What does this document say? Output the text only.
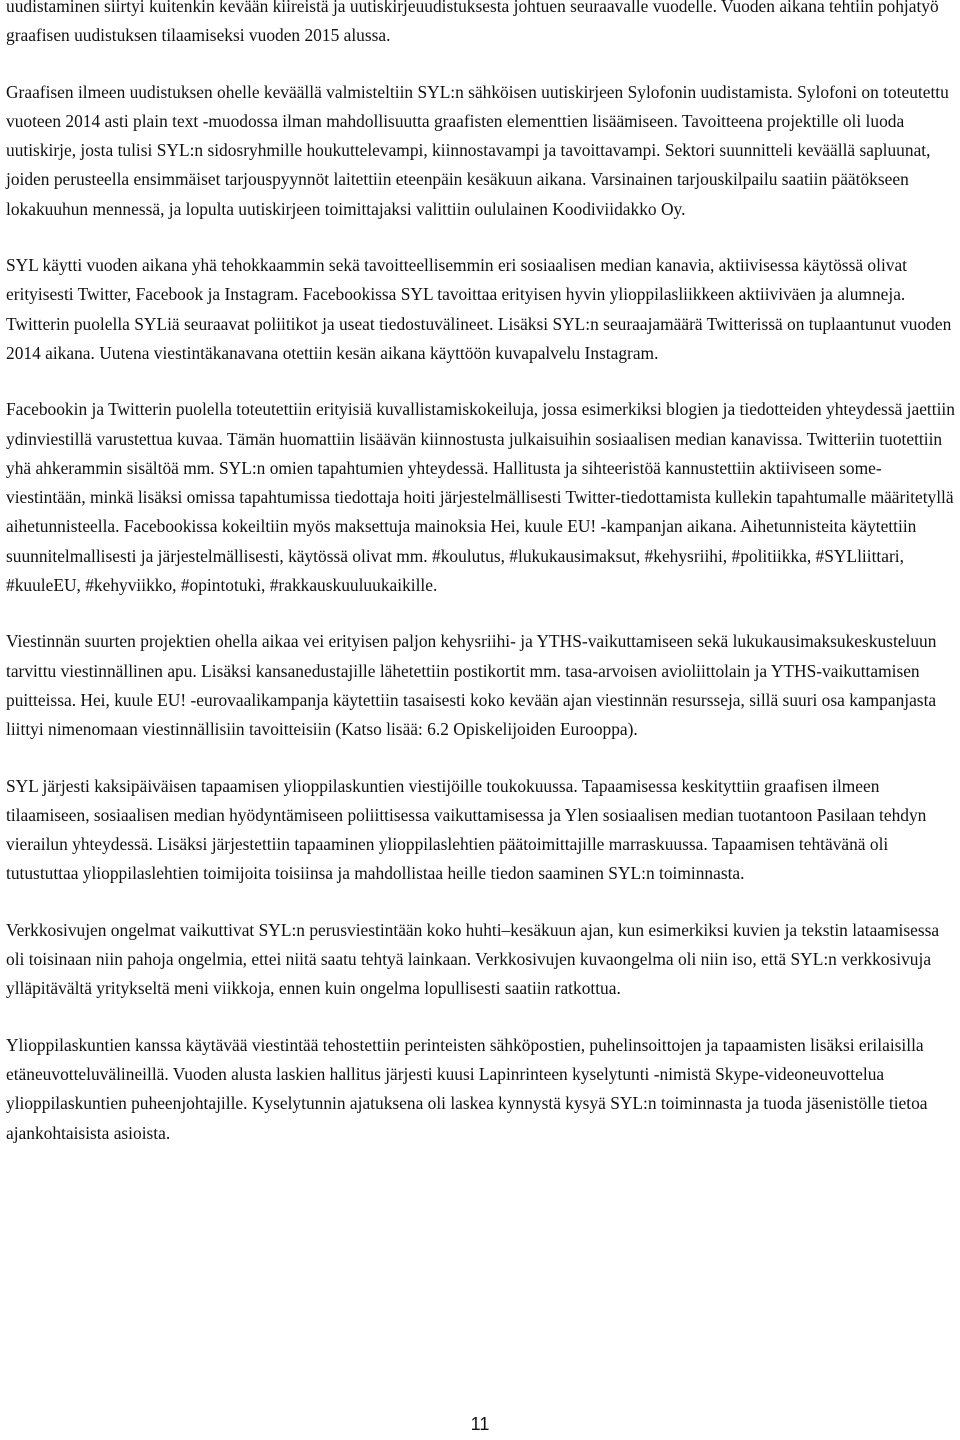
uudistaminen siirtyi kuitenkin kevään kiireistä ja uutiskirjeuudistuksesta johtuen seuraavalle vuodelle. Vuoden aikana tehtiin pohjatyö graafisen uudistuksen tilaamiseksi vuoden 2015 alussa.

Graafisen ilmeen uudistuksen ohelle keväällä valmisteltiin SYL:n sähköisen uutiskirjeen Sylofonin uudistamista. Sylofoni on toteutettu vuoteen 2014 asti plain text -muodossa ilman mahdollisuutta graafisten elementtien lisäämiseen. Tavoitteena projektille oli luoda uutiskirje, josta tulisi SYL:n sidosryhmille houkuttelevampi, kiinnostavampi ja tavoittavampi. Sektori suunnitteli keväällä sapluunat, joiden perusteella ensimmäiset tarjouspyynnöt laitettiin eteenpäin kesäkuun aikana. Varsinainen tarjouskilpailu saatiin päätökseen lokakuuhun mennessä, ja lopulta uutiskirjeen toimittajaksi valittiin oululainen Koodiviidakko Oy.

SYL käytti vuoden aikana yhä tehokkaammin sekä tavoitteellisemmin eri sosiaalisen median kanavia, aktiivisessa käytössä olivat erityisesti Twitter, Facebook ja Instagram. Facebookissa SYL tavoittaa erityisen hyvin ylioppilasliikkeen aktiiviväen ja alumneja. Twitterin puolella SYLiä seuraavat poliitikot ja useat tiedostuvälineet. Lisäksi SYL:n seuraajamäärä Twitterissä on tuplaantunut vuoden 2014 aikana. Uutena viestintäkanavana otettiin kesän aikana käyttöön kuvapalvelu Instagram.

Facebookin ja Twitterin puolella toteutettiin erityisiä kuvallistamiskokeiluja, jossa esimerkiksi blogien ja tiedotteiden yhteydessä jaettiin ydinviestillä varustettua kuvaa. Tämän huomattiin lisäävän kiinnostusta julkaisuihin sosiaalisen median kanavissa. Twitteriin tuotettiin yhä ahkerammin sisältöä mm. SYL:n omien tapahtumien yhteydessä. Hallitusta ja sihteeristöä kannustettiin aktiiviseen some-viestintään, minkä lisäksi omissa tapahtumissa tiedottaja hoiti järjestelmällisesti Twitter-tiedottamista kullekin tapahtumalle määritetyllä aihetunnisteella. Facebookissa kokeiltiin myös maksettuja mainoksia Hei, kuule EU! -kampanjan aikana. Aihetunnisteita käytettiin suunnitelmallisesti ja järjestelmällisesti, käytössä olivat mm. #koulutus, #lukukausimaksut, #kehysriihi, #politiikka, #SYLliittari, #kuuleEU, #kehyviikko, #opintotuki, #rakkauskuuluukaikille.

Viestinnän suurten projektien ohella aikaa vei erityisen paljon kehysriihi- ja YTHS-vaikuttamiseen sekä lukukausimaksukeskusteluun tarvittu viestinnällinen apu. Lisäksi kansanedustajille lähetettiin postikortit mm. tasa-arvoisen avioliittolain ja YTHS-vaikuttamisen puitteissa. Hei, kuule EU! -eurovaalikampanja käytettiin tasaisesti koko kevään ajan viestinnän resursseja, sillä suuri osa kampanjasta liittyi nimenomaan viestinnällisiin tavoitteisiin (Katso lisää: 6.2 Opiskelijoiden Eurooppa).

SYL järjesti kaksipäiväisen tapaamisen ylioppilaskuntien viestijöille toukokuussa. Tapaamisessa keskityttiin graafisen ilmeen tilaamiseen, sosiaalisen median hyödyntämiseen poliittisessa vaikuttamisessa ja Ylen sosiaalisen median tuotantoon Pasilaan tehdyn vierailun yhteydessä. Lisäksi järjestettiin tapaaminen ylioppilaslehtien päätoimittajille marraskuussa. Tapaamisen tehtävänä oli tutustuttaa ylioppilaslehtien toimijoita toisiinsa ja mahdollistaa heille tiedon saaminen SYL:n toiminnasta.

Verkkosivujen ongelmat vaikuttivat SYL:n perusviestintään koko huhti–kesäkuun ajan, kun esimerkiksi kuvien ja tekstin lataamisessa oli toisinaan niin pahoja ongelmia, ettei niitä saatu tehtyä lainkaan. Verkkosivujen kuvaongelma oli niin iso, että SYL:n verkkosivuja ylläpitävältä yritykseltä meni viikkoja, ennen kuin ongelma lopullisesti saatiin ratkottua.

Ylioppilaskuntien kanssa käytävää viestintää tehostettiin perinteisten sähköpostien, puhelinsoittojen ja tapaamisten lisäksi erilaisilla etäneuvotteluvälineillä. Vuoden alusta laskien hallitus järjesti kuusi Lapinrinteen kyselytunti -nimistä Skype-videoneuvottelua ylioppilaskuntien puheenjohtajille. Kyselytunnin ajatuksena oli laskea kynnystä kysyä SYL:n toiminnasta ja tuoda jäsenistölle tietoa ajankohtaisista asioista.

11
